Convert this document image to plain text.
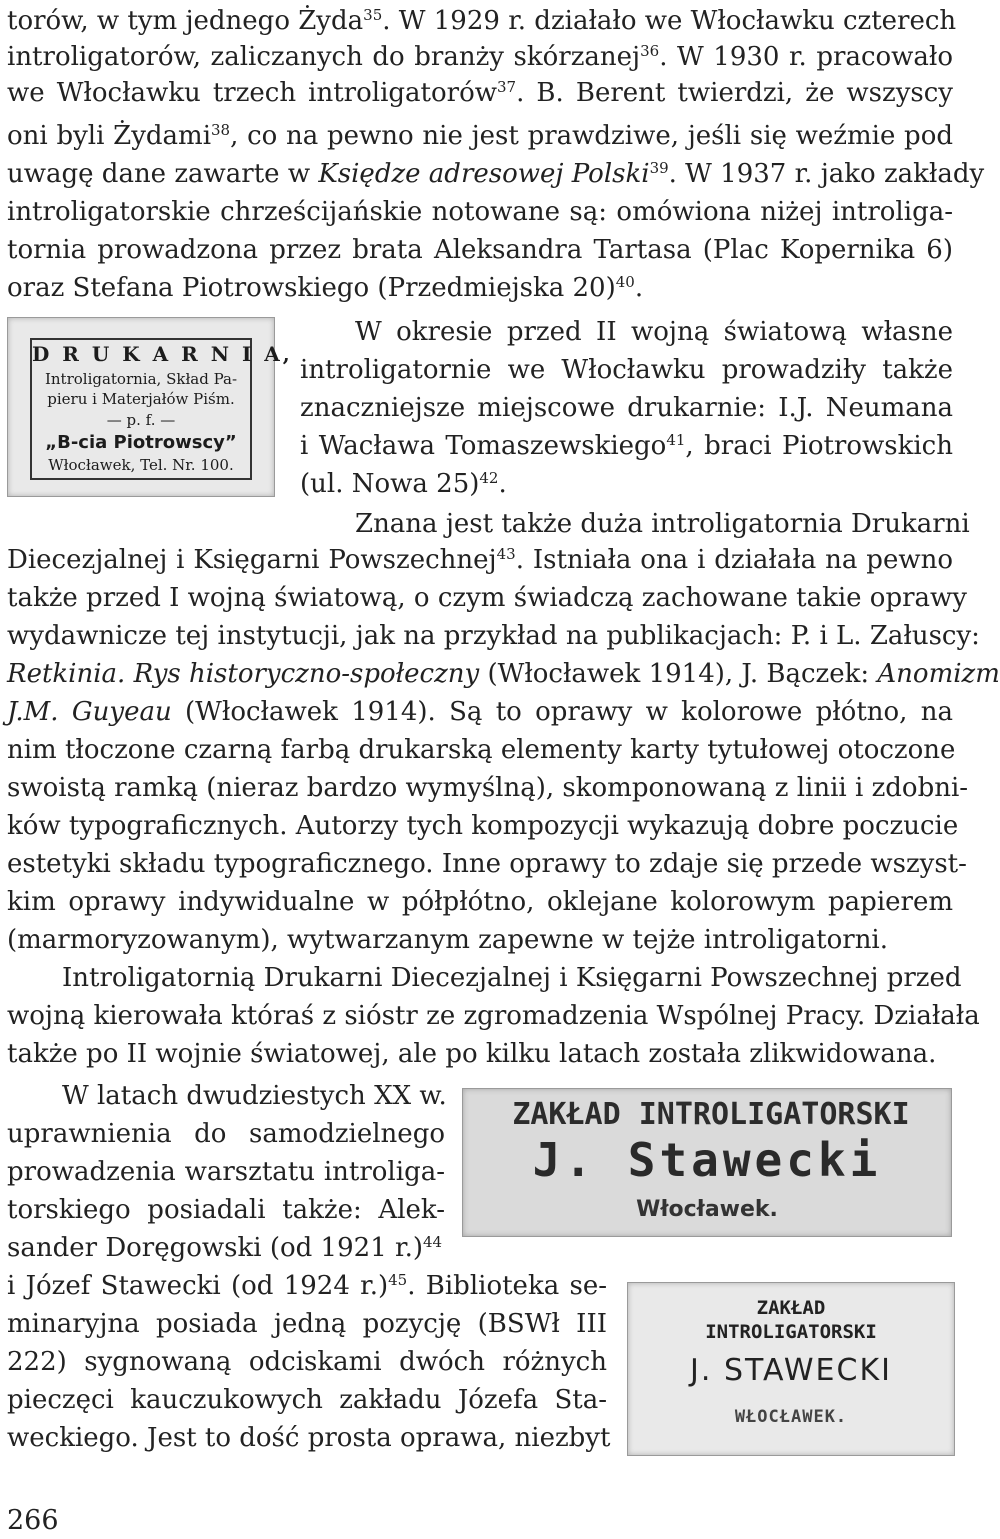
torów, w tym jednego Żyda$^{35}$. W 1929 r. działało we Włocławku czterech
introligatorów, zaliczanych do branży skórzanej$^{36}$. W 1930 r. pracowało
we Włocławku trzech introligatorów$^{37}$. B. Berent twierdzi, że wszyscy
oni byli Żydami$^{38}$, co na pewno nie jest prawdziwe, jeśli się weźmie pod
uwagę dane zawarte w Księdze adresowej Polski$^{39}$. W 1937 r. jako zakłady
introligatorskie chrześcijańskie notowane są: omówiona niżej introliga-
tornia prowadzona przez brata Aleksandra Tartasa (Plac Kopernika 6)
oraz Stefana Piotrowskiego (Przedmiejska 20)$^{40}$.
D R U K A R N I A,
Introligatornia, Skład Pa-
pieru i Materjałów Piśm.
— p. f. —
„B-cia Piotrowscy”
Włocławek, Tel. Nr. 100.
W okresie przed II wojną światową własne
introligatornie we Włocławku prowadziły także
znaczniejsze miejscowe drukarnie: I.J. Neumana
i Wacława Tomaszewskiego$^{41}$, braci Piotrowskich
(ul. Nowa 25)$^{42}$.
Znana jest także duża introligatornia Drukarni
Diecezjalnej i Księgarni Powszechnej$^{43}$. Istniała ona i działała na pewno
także przed I wojną światową, o czym świadczą zachowane takie oprawy
wydawnicze tej instytucji, jak na przykład na publikacjach: P. i L. Załuscy:
Retkinia. Rys historyczno-społeczny (Włocławek 1914), J. Bączek: Anomizm
J.M. Guyeau (Włocławek 1914). Są to oprawy w kolorowe płótno, na
nim tłoczone czarną farbą drukarską elementy karty tytułowej otoczone
swoistą ramką (nieraz bardzo wymyślną), skomponowaną z linii i zdobni-
ków typograficznych. Autorzy tych kompozycji wykazują dobre poczucie
estetyki składu typograficznego. Inne oprawy to zdaje się przede wszyst-
kim oprawy indywidualne w półpłótno, oklejane kolorowym papierem
(marmoryzowanym), wytwarzanym zapewne w tejże introligatorni.
Introligatornią Drukarni Diecezjalnej i Księgarni Powszechnej przed
wojną kierowała któraś z sióstr ze zgromadzenia Wspólnej Pracy. Działała
także po II wojnie światowej, ale po kilku latach została zlikwidowana.
ZAKŁAD INTROLIGATORSKI
J. Stawecki
Włocławek.
W latach dwudziestych XX w.
uprawnienia do samodzielnego
prowadzenia warsztatu introliga-
torskiego posiadali także: Alek-
sander Doręgowski (od 1921 r.)$^{44}$
i Józef Stawecki (od 1924 r.)$^{45}$. Biblioteka se-
minaryjna posiada jedną pozycję (BSWł III
222) sygnowaną odciskami dwóch różnych
pieczęci kauczukowych zakładu Józefa Sta-
weckiego. Jest to dość prosta oprawa, niezbyt
ZAKŁAD
INTROLIGATORSKI
J. STAWECKI
WŁOCŁAWEK.
266
